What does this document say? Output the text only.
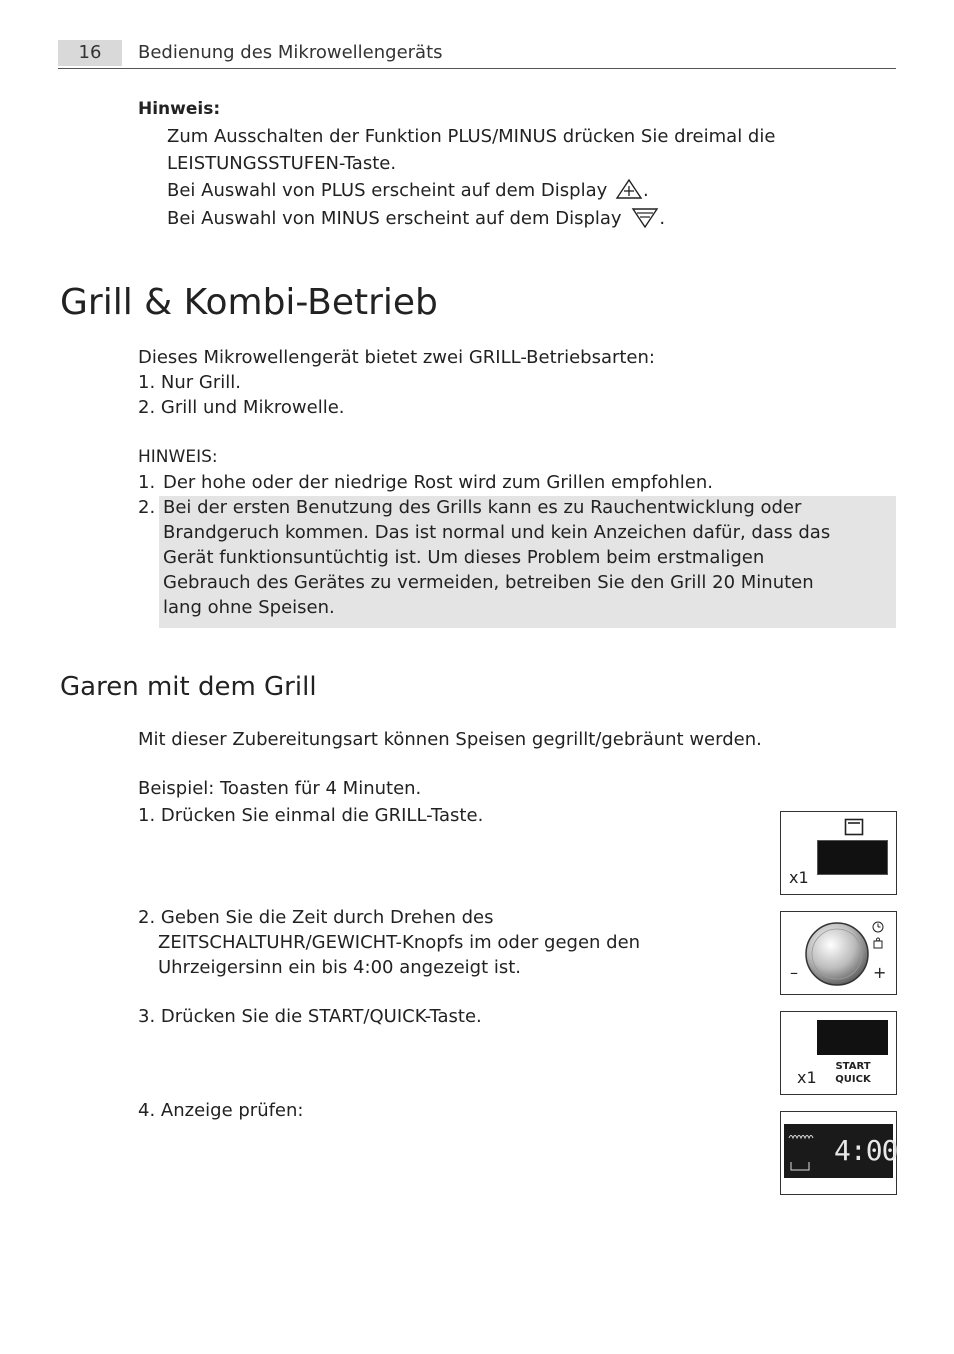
16	Bedienung des Mikrowellengeräts
Hinweis:
Zum Ausschalten der Funktion PLUS/MINUS drücken Sie dreimal die
LEISTUNGSSTUFEN-Taste.
Bei Auswahl von PLUS erscheint auf dem Display .
Bei Auswahl von MINUS erscheint auf dem Display .
Grill & Kombi-Betrieb
Dieses Mikrowellengerät bietet zwei GRILL-Betriebsarten:
1. Nur Grill.
2. Grill und Mikrowelle.
HINWEIS:
1. Der hohe oder der niedrige Rost wird zum Grillen empfohlen.
2. Bei der ersten Benutzung des Grills kann es zu Rauchentwicklung oder
Brandgeruch kommen. Das ist normal und kein Anzeichen dafür, dass das
Gerät funktionsuntüchtig ist. Um dieses Problem beim erstmaligen
Gebrauch des Gerätes zu vermeiden, betreiben Sie den Grill 20 Minuten
lang ohne Speisen.
Garen mit dem Grill
Mit dieser Zubereitungsart können Speisen gegrillt/gebräunt werden.
Beispiel: Toasten für 4 Minuten.
1. Drücken Sie einmal die GRILL-Taste.
2. Geben Sie die Zeit durch Drehen des
ZEITSCHALTUHR/GEWICHT-Knopfs im oder gegen den
Uhrzeigersinn ein bis 4:00 angezeigt ist.
3. Drücken Sie die START/QUICK-Taste.
4. Anzeige prüfen:
x1
–	+
x1
START
QUICK
4:00
